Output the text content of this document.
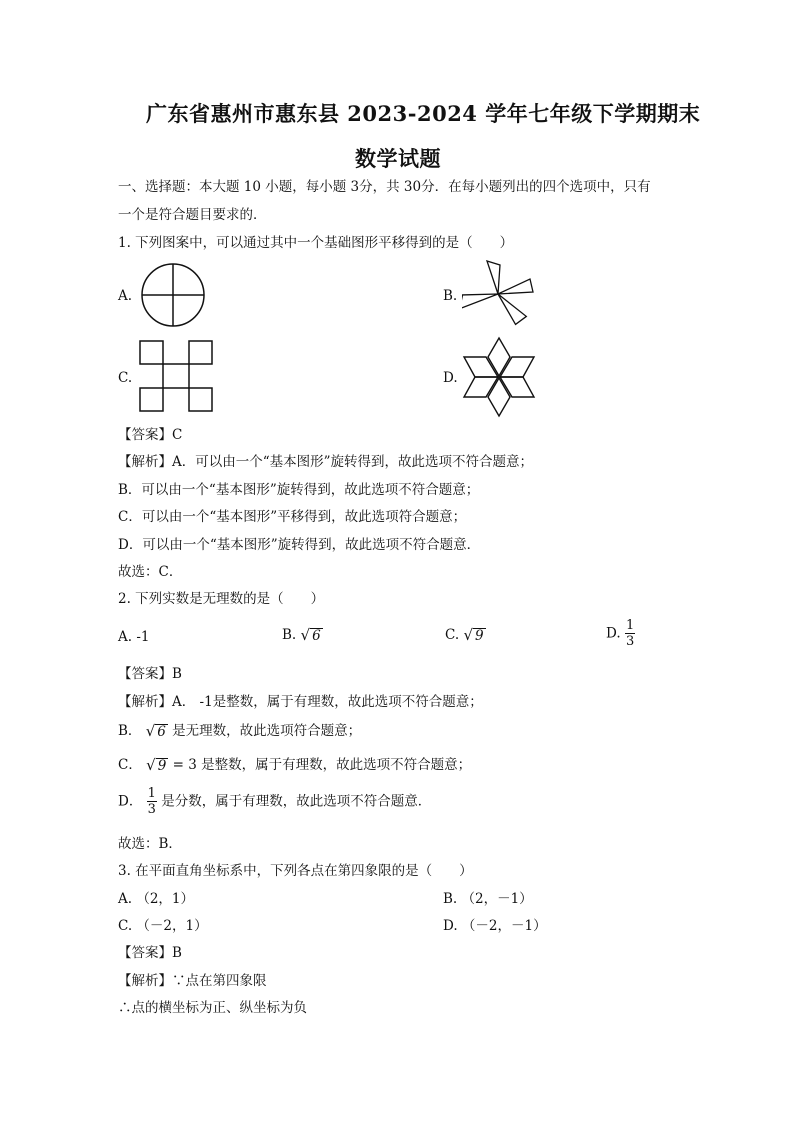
广东省惠州市惠东县 2023-2024 学年七年级下学期期末
数学试题
一、选择题：本大题 10 小题，每小题 3分，共 30分．在每小题列出的四个选项中，只有
一个是符合题目要求的．
1. 下列图案中，可以通过其中一个基础图形平移得到的是（　　）
A.	B.
C.	D.
【答案】C
【解析】A．可以由一个“基本图形”旋转得到，故此选项不符合题意；
B．可以由一个“基本图形”旋转得到，故此选项不符合题意；
C．可以由一个“基本图形”平移得到，故此选项符合题意；
D．可以由一个“基本图形”旋转得到，故此选项不符合题意．
故选：C．
2. 下列实数是无理数的是（　　）
A. -1	B. √ 6	C. √ 9	D. $\frac{1}{3}$
【答案】B
【解析】A． -1是整数，属于有理数，故此选项不符合题意；
B． √ 6 是无理数，故此选项符合题意；
C． √ 9 = 3 是整数，属于有理数，故此选项不符合题意；
D． $\frac{1}{3}$ 是分数，属于有理数，故此选项不符合题意．
故选：B．
3. 在平面直角坐标系中，下列各点在第四象限的是（　　）
A. （2，1）	B. （2，－1）
C. （－2，1）	D. （－2，－1）
【答案】B
【解析】∵点在第四象限
∴点的横坐标为正、纵坐标为负
